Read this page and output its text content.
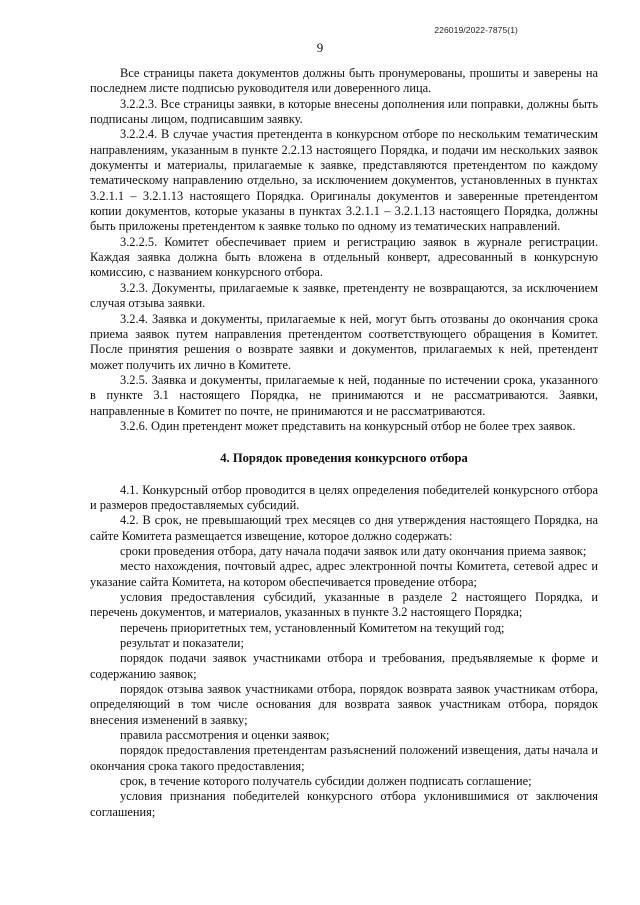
226019/2022-7875(1)
9

Все страницы пакета документов должны быть пронумерованы, прошиты и заверены на последнем листе подписью руководителя или доверенного лица.

3.2.2.3. Все страницы заявки, в которые внесены дополнения или поправки, должны быть подписаны лицом, подписавшим заявку.

3.2.2.4. В случае участия претендента в конкурсном отборе по нескольким тематическим направлениям, указанным в пункте 2.2.13 настоящего Порядка, и подачи им нескольких заявок документы и материалы, прилагаемые к заявке, представляются претендентом по каждому тематическому направлению отдельно, за исключением документов, установленных в пунктах 3.2.1.1 – 3.2.1.13 настоящего Порядка. Оригиналы документов и заверенные претендентом копии документов, которые указаны в пунктах 3.2.1.1 – 3.2.1.13 настоящего Порядка, должны быть приложены претендентом к заявке только по одному из тематических направлений.

3.2.2.5. Комитет обеспечивает прием и регистрацию заявок в журнале регистрации. Каждая заявка должна быть вложена в отдельный конверт, адресованный в конкурсную комиссию, с названием конкурсного отбора.

3.2.3. Документы, прилагаемые к заявке, претенденту не возвращаются, за исключением случая отзыва заявки.

3.2.4. Заявка и документы, прилагаемые к ней, могут быть отозваны до окончания срока приема заявок путем направления претендентом соответствующего обращения в Комитет. После принятия решения о возврате заявки и документов, прилагаемых к ней, претендент может получить их лично в Комитете.

3.2.5. Заявка и документы, прилагаемые к ней, поданные по истечении срока, указанного в пункте 3.1 настоящего Порядка, не принимаются и не рассматриваются. Заявки, направленные в Комитет по почте, не принимаются и не рассматриваются.

3.2.6. Один претендент может представить на конкурсный отбор не более трех заявок.

4. Порядок проведения конкурсного отбора

4.1. Конкурсный отбор проводится в целях определения победителей конкурсного отбора и размеров предоставляемых субсидий.

4.2. В срок, не превышающий трех месяцев со дня утверждения настоящего Порядка, на сайте Комитета размещается извещение, которое должно содержать:

сроки проведения отбора, дату начала подачи заявок или дату окончания приема заявок;

место нахождения, почтовый адрес, адрес электронной почты Комитета, сетевой адрес и указание сайта Комитета, на котором обеспечивается проведение отбора;

условия предоставления субсидий, указанные в разделе 2 настоящего Порядка, и перечень документов, и материалов, указанных в пункте 3.2 настоящего Порядка;

перечень приоритетных тем, установленный Комитетом на текущий год;

результат и показатели;

порядок подачи заявок участниками отбора и требования, предъявляемые к форме и содержанию заявок;

порядок отзыва заявок участниками отбора, порядок возврата заявок участникам отбора, определяющий в том числе основания для возврата заявок участникам отбора, порядок внесения изменений в заявку;

правила рассмотрения и оценки заявок;

порядок предоставления претендентам разъяснений положений извещения, даты начала и окончания срока такого предоставления;

срок, в течение которого получатель субсидии должен подписать соглашение;

условия признания победителей конкурсного отбора уклонившимися от заключения соглашения;
